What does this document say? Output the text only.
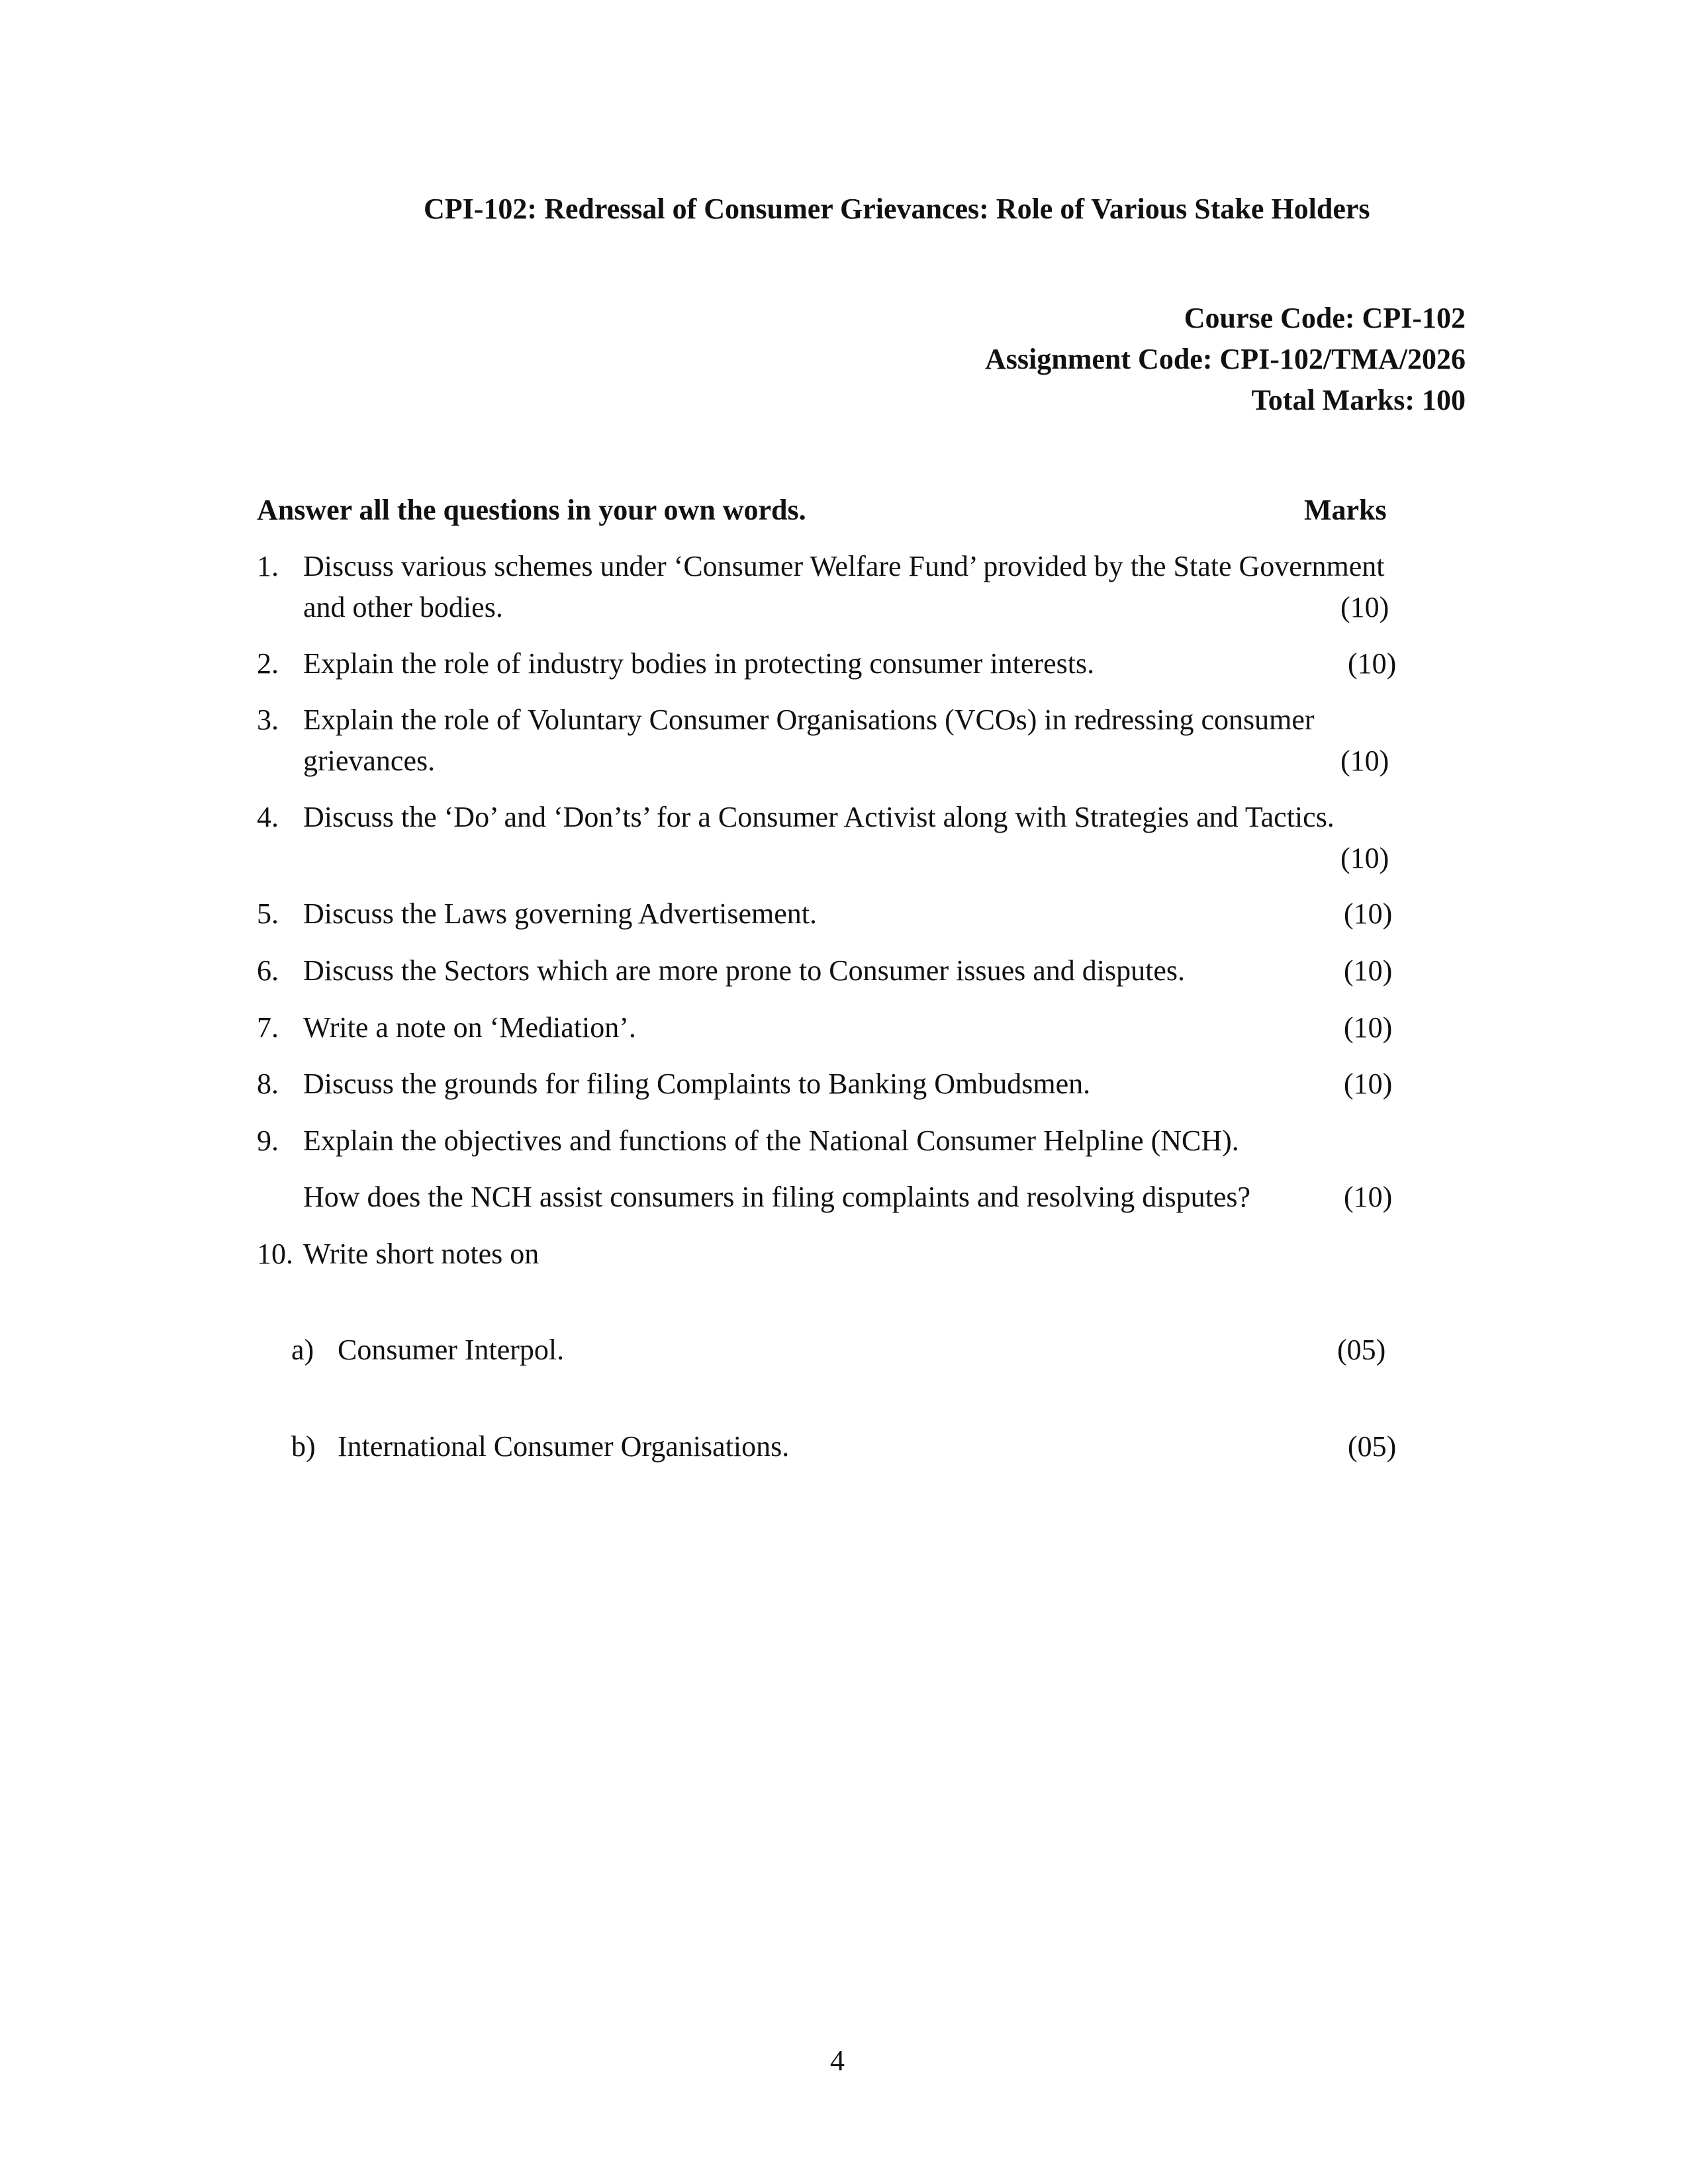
CPI-102: Redressal of Consumer Grievances: Role of Various Stake Holders
Course Code: CPI-102
Assignment Code: CPI-102/TMA/2026
Total Marks: 100
Answer all the questions in your own words.	Marks
1. Discuss various schemes under ‘Consumer Welfare Fund’ provided by the State Government
and other bodies.	(10)
2. Explain the role of industry bodies in protecting consumer interests.	(10)
3. Explain the role of Voluntary Consumer Organisations (VCOs) in redressing consumer
grievances.	(10)
4. Discuss the ‘Do’ and ‘Don’ts’ for a Consumer Activist along with Strategies and Tactics.
(10)
5. Discuss the Laws governing Advertisement.	(10)
6. Discuss the Sectors which are more prone to Consumer issues and disputes.	(10)
7. Write a note on ‘Mediation’.	(10)
8. Discuss the grounds for filing Complaints to Banking Ombudsmen.	(10)
9. Explain the objectives and functions of the National Consumer Helpline (NCH).
How does the NCH assist consumers in filing complaints and resolving disputes?	(10)
10. Write short notes on
a) Consumer Interpol.	(05)
b) International Consumer Organisations.	(05)
4
